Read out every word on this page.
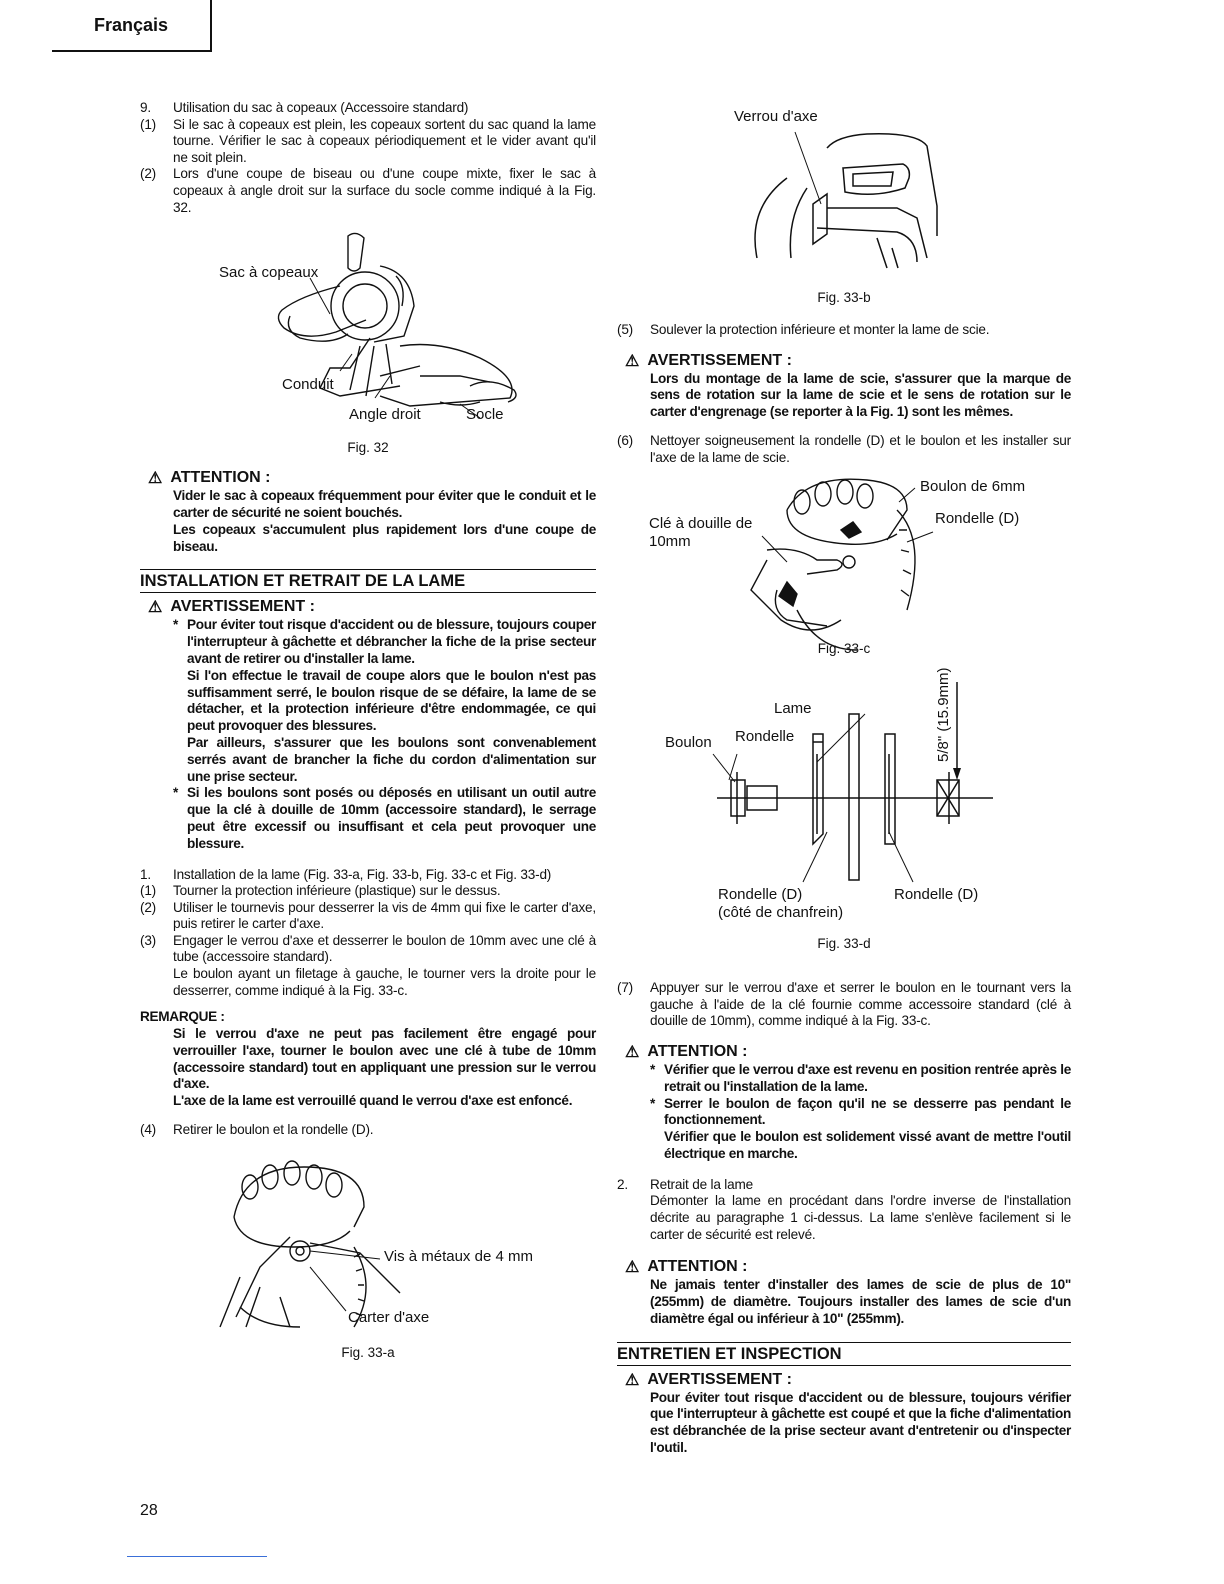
Français
9.	Utilisation du sac à copeaux (Accessoire standard)
(1)	Si le sac à copeaux est plein, les copeaux sortent du sac quand la lame tourne. Vérifier le sac à copeaux périodiquement et le vider avant qu'il ne soit plein.
(2)	Lors d'une coupe de biseau ou d'une coupe mixte, fixer le sac à copeaux à angle droit sur la surface du socle comme indiqué à la Fig. 32.
Sac à copeaux
Conduit
Angle droit	Socle
Fig. 32
⚠ ATTENTION :
Vider le sac à copeaux fréquemment pour éviter que le conduit et le carter de sécurité ne soient bouchés.
Les copeaux s'accumulent plus rapidement lors d'une coupe de biseau.
INSTALLATION ET RETRAIT DE LA LAME
⚠ AVERTISSEMENT :
* Pour éviter tout risque d'accident ou de blessure, toujours couper l'interrupteur à gâchette et débrancher la fiche de la prise secteur avant de retirer ou d'installer la lame.
Si l'on effectue le travail de coupe alors que le boulon n'est pas suffisamment serré, le boulon risque de se défaire, la lame de se détacher, et la protection inférieure d'être endommagée, ce qui peut provoquer des blessures.
Par ailleurs, s'assurer que les boulons sont convenablement serrés avant de brancher la fiche du cordon d'alimentation sur une prise secteur.
* Si les boulons sont posés ou déposés en utilisant un outil autre que la clé à douille de 10mm (accessoire standard), le serrage peut être excessif ou insuffisant et cela peut provoquer une blessure.
1.	Installation de la lame (Fig. 33-a, Fig. 33-b, Fig. 33-c et Fig. 33-d)
(1)	Tourner la protection inférieure (plastique) sur le dessus.
(2)	Utiliser le tournevis pour desserrer la vis de 4mm qui fixe le carter d'axe, puis retirer le carter d'axe.
(3)	Engager le verrou d'axe et desserrer le boulon de 10mm avec une clé à tube (accessoire standard).
Le boulon ayant un filetage à gauche, le tourner vers la droite pour le desserrer, comme indiqué à la Fig. 33-c.
REMARQUE :
Si le verrou d'axe ne peut pas facilement être engagé pour verrouiller l'axe, tourner le boulon avec une clé à tube de 10mm (accessoire standard) tout en appliquant une pression sur le verrou d'axe.
L'axe de la lame est verrouillé quand le verrou d'axe est enfoncé.
(4)	Retirer le boulon et la rondelle (D).
Vis à métaux de 4 mm
Carter d'axe
Fig. 33-a
Verrou d'axe
Fig. 33-b
(5)	Soulever la protection inférieure et monter la lame de scie.
⚠ AVERTISSEMENT :
Lors du montage de la lame de scie, s'assurer que la marque de sens de rotation sur la lame de scie et le sens de rotation sur le carter d'engrenage (se reporter à la Fig. 1) sont les mêmes.
(6)	Nettoyer soigneusement la rondelle (D) et le boulon et les installer sur l'axe de la lame de scie.
Boulon de 6mm
Rondelle (D)
Clé à douille de
10mm
Fig. 33-c
Lame
Boulon Rondelle	5/8" (15.9mm)
Rondelle (D)
(côté de chanfrein)
Rondelle (D)
Fig. 33-d
(7)	Appuyer sur le verrou d'axe et serrer le boulon en le tournant vers la gauche à l'aide de la clé fournie comme accessoire standard (clé à douille de 10mm), comme indiqué à la Fig. 33-c.
⚠ ATTENTION :
* Vérifier que le verrou d'axe est revenu en position rentrée après le retrait ou l'installation de la lame.
* Serrer le boulon de façon qu'il ne se desserre pas pendant le fonctionnement.
Vérifier que le boulon est solidement vissé avant de mettre l'outil électrique en marche.
2.	Retrait de la lame
Démonter la lame en procédant dans l'ordre inverse de l'installation décrite au paragraphe 1 ci-dessus. La lame s'enlève facilement si le carter de sécurité est relevé.
⚠ ATTENTION :
Ne jamais tenter d'installer des lames de scie de plus de 10" (255mm) de diamètre. Toujours installer des lames de scie d'un diamètre égal ou inférieur à 10" (255mm).
ENTRETIEN ET INSPECTION
⚠ AVERTISSEMENT :
Pour éviter tout risque d'accident ou de blessure, toujours vérifier que l'interrupteur à gâchette est coupé et que la fiche d'alimentation est débranchée de la prise secteur avant d'entretenir ou d'inspecter l'outil.
28
